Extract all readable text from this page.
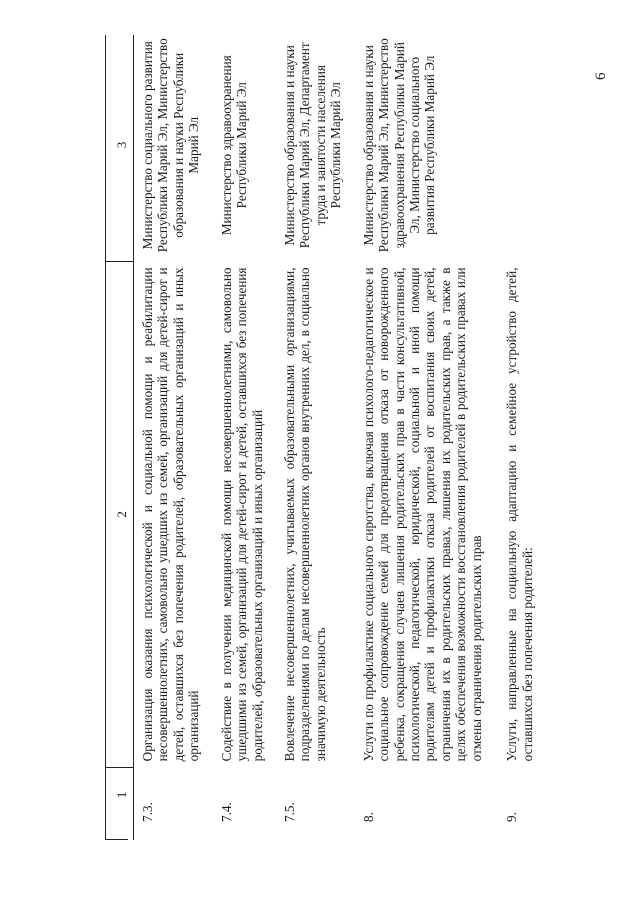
6
1	2	3
7.3.	Организация оказания психологической и социальной помощи и реабилитации несовершеннолетних, самовольно ушедших из семей, организаций для детей-сирот и детей, оставшихся без попечения родителей, образовательных организаций и иных организаций	Министерство социального развития Республики Марий Эл, Министерство образования и науки Республики Марий Эл
7.4.	Содействие в получении медицинской помощи несовершеннолетними, самовольно ушедшими из семей, организаций для детей-сирот и детей, оставшихся без попечения родителей, образовательных организаций и иных организаций	Министерство здравоохранения Республики Марий Эл
7.5.	Вовлечение несовершеннолетних, учитываемых образовательными организациями, подразделениями по делам несовершеннолетних органов внутренних дел, в социально значимую деятельность	Министерство образования и науки Республики Марий Эл, Департамент труда и занятости населения Республики Марий Эл
8.	Услуги по профилактике социального сиротства, включая психолого-педагогическое и социальное сопровождение семей для предотвращения отказа от новорожденного ребенка, сокращения случаев лишения родительских прав в части консультативной, психологической, педагогической, юридической, социальной и иной помощи родителям детей и профилактики отказа родителей от воспитания своих детей, ограничения их в родительских правах, лишения их родительских прав, а также в целях обеспечения возможности восстановления родителей в родительских правах или отмены ограничения родительских прав	Министерство образования и науки Республики Марий Эл, Министерство здравоохранения Республики Марий Эл, Министерство социального развития Республики Марий Эл
9.	Услуги, направленные на социальную адаптацию и семейное устройство детей, оставшихся без попечения родителей:	
